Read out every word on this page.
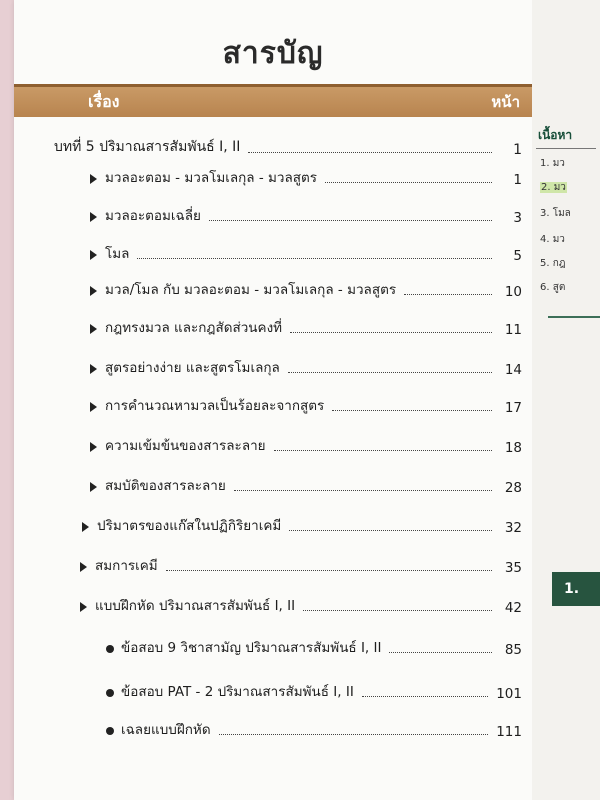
สารบัญ
เรื่อง	หน้า
บทที่ 5 ปริมาณสารสัมพันธ์ I, II	1
มวลอะตอม - มวลโมเลกุล - มวลสูตร	1
มวลอะตอมเฉลี่ย	3
โมล	5
มวล/โมล กับ มวลอะตอม - มวลโมเลกุล - มวลสูตร	10
กฎทรงมวล และกฎสัดส่วนคงที่	11
สูตรอย่างง่าย และสูตรโมเลกุล	14
การคำนวณหามวลเป็นร้อยละจากสูตร	17
ความเข้มข้นของสารละลาย	18
สมบัติของสารละลาย	28
ปริมาตรของแก๊สในปฏิกิริยาเคมี	32
สมการเคมี	35
แบบฝึกหัด ปริมาณสารสัมพันธ์ I, II	42
ข้อสอบ 9 วิชาสามัญ ปริมาณสารสัมพันธ์ I, II	85
ข้อสอบ PAT - 2 ปริมาณสารสัมพันธ์ I, II	101
เฉลยแบบฝึกหัด	111
เนื้อหา
1. มว
2. มว
3. โมล
4. มว
5. กฎ
6. สูต
1.
